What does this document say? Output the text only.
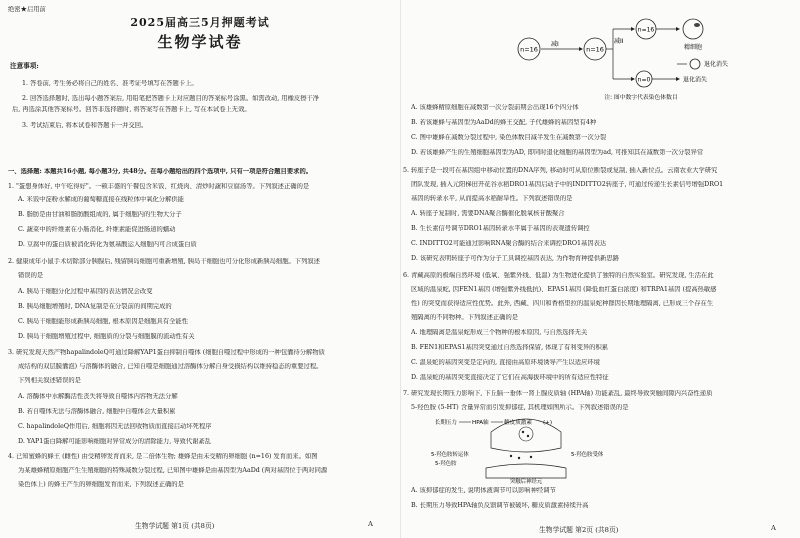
绝密★启用前
2025届高三5月押题考试
生物学试卷
注意事项:
1. 答卷前, 考生务必将自己的姓名、准考证号填写在答题卡上。
2. 回答选择题时, 选出每小题答案后, 用铅笔把答题卡上对应题目的答案标号涂黑。如需改动, 用橡皮擦干净
后, 再选涂其他答案标号。回答非选择题时, 将答案写在答题卡上, 写在本试卷上无效。
3. 考试结束后, 将本试卷和答题卡一并交回。
一、选择题: 本题共16小题, 每小题3分, 共48分。在每小题给出的四个选项中, 只有一项是符合题目要求的。
1. "蛋想身体好, 中午吃得好"。一顿丰盛的午餐包含米饭、红烧肉、清炒时蔬和豆腐汤等。下列叙述正确的是
A. 米饭中淀粉水解成的葡萄糖直接在线粒体中氧化分解供能
B. 脂肪是由甘油和脂肪酸组成的, 属于细胞内的生物大分子
C. 蔬菜中的纤维素在小肠消化, 纤维素能促进肠道的蠕动
D. 豆腐中的蛋白质被消化转化为氨基酸运入细胞内可合成蛋白质
2. 健康成年小鼠手术切除部分胰腺后, 残留胰岛细胞可重新增殖, 胰岛干细胞也可分化形成新胰岛细胞。下列叙述
错误的是
A. 胰岛干细胞分化过程中基因的表达情况会改变
B. 胰岛细胞增殖时, DNA复制是在分裂前的间期完成的
C. 胰岛干细胞能形成新胰岛细胞, 根本原因是细胞具有全能性
D. 胰岛干细胞增殖过程中, 细胞质的分裂与细胞膜的流动性有关
3. 研究发现天然产物hapalindoleQ可通过降解YAP1蛋白抑制自噬体 (细胞自噬过程中形成的一种包囊待分解物质
成结构的双层膜囊泡) 与溶酶体的融合, 已知自噬是细胞通过溶酶体分解自身受损结构以维持稳态的重要过程。
下列相关叙述错误的是
A. 溶酶体中水解酶活性丧失将导致自噬体内容物无法分解
B. 若自噬体无法与溶酶体融合, 细胞中自噬体会大量积累
C. hapalindoleQ作用后, 细胞将因无法回收物质而直接启动坏死程序
D. YAP1蛋白降解可能影响细胞对异常成分的清除能力, 导致代谢紊乱
4. 已知蜜蜂的蜂王 (雌性) 由受精卵发育而来, 是二倍体生物; 雄蜂是由未受精的卵细胞 (n=16) 发育而来。如图
为某雄蜂精原细胞产生生殖细胞的特殊减数分裂过程, 已知图中雄蜂是由基因型为AaDd (两对基因位于两对同源
染色体上) 的蜂王产生的卵细胞发育而来, 下列叙述正确的是
生物学试题 第1页 (共8页)	A
n=16
减I
n=16
减II
n=16
精细胞
退化消失
n=0	退化消失
注: 图中数字代表染色体数目
A. 该雄蜂精原细胞在减数第一次分裂前期会出现16个四分体
B. 若该雄蜂与基因型为AaDd的蜂王交配, 子代雄蜂的基因型有4种
C. 图中雄蜂在减数分裂过程中, 染色体数目减半发生在减数第一次分裂
D. 若该雄蜂产生的生殖细胞基因型为AD, 即同时退化细胞的基因型为ad, 可推知其在减数第一次分裂异常
5. 转座子是一段可在基因组中移动位置的DNA序列, 移动时可从原位断裂或复制, 插入新位点。云南农业大学研究
团队发现, 插入元阳梯田开花谷水稻DRO1基因启动子中的INDITTO2转座子, 可通过传递生长素信号增强DRO1
基因的转录水平, 从而提高水稻耐旱性。下列叙述错误的是
A. 转座子复制时, 需要DNA聚合酶催化脱氧核苷酸聚合
B. 生长素信号调节DRO1基因转录水平属于基因的表观遗传调控
C. INDITTO2可能通过影响RNA聚合酶的结合来调控DRO1基因表达
D. 该研究表明转座子可作为分子工具调控基因表达, 为作物育种提供新思路
6. 青藏高原的极端自然环境 (低氧、强紫外线、低温) 为生物进化提供了独特的自然实验室。研究发现, 生活在此
区域的温泉蛇, 因FEN1基因 (增强紫外线抵抗)、EPAS1基因 (降低血红蛋白浓度) 和TRPA1基因 (提高热敏感
性) 的突变而获得适应性优势。此外, 西藏、四川和香格里拉的温泉蛇种群因长期地理隔离, 已形成三个存在生
殖隔离的不同物种。下列叙述正确的是
A. 地理隔离是温泉蛇形成三个物种的根本原因, 与自然选择无关
B. FEN1和EPAS1基因突变通过自然选择保留, 体现了有利变异的积累
C. 温泉蛇的基因突变是定向的, 直接由高原环境诱导产生以适应环境
D. 温泉蛇的基因突变直接决定了它们在高海拔环境中的所有适应性特征
7. 研究发现长期压力影响下, 下丘脑一垂体一肾上腺皮质轴 (HPA轴) 功能紊乱, 最终导致突触间隙内兴奋性递质
5-羟色胺 (5-HT) 含量异常而引发抑郁症, 其机理如图所示。下列叙述错误的是
长期压力	HPA轴	糖皮质激素 (+)
5-羟色胺转运体
5-羟色胺
5-羟色胺受体
突触后神经元
A. 该抑郁症的发生, 说明体液调节可以影响神经调节
B. 长期压力导致HPA轴负反馈调节被破坏, 糖皮质激素持续升高
生物学试题 第2页 (共8页)	A
